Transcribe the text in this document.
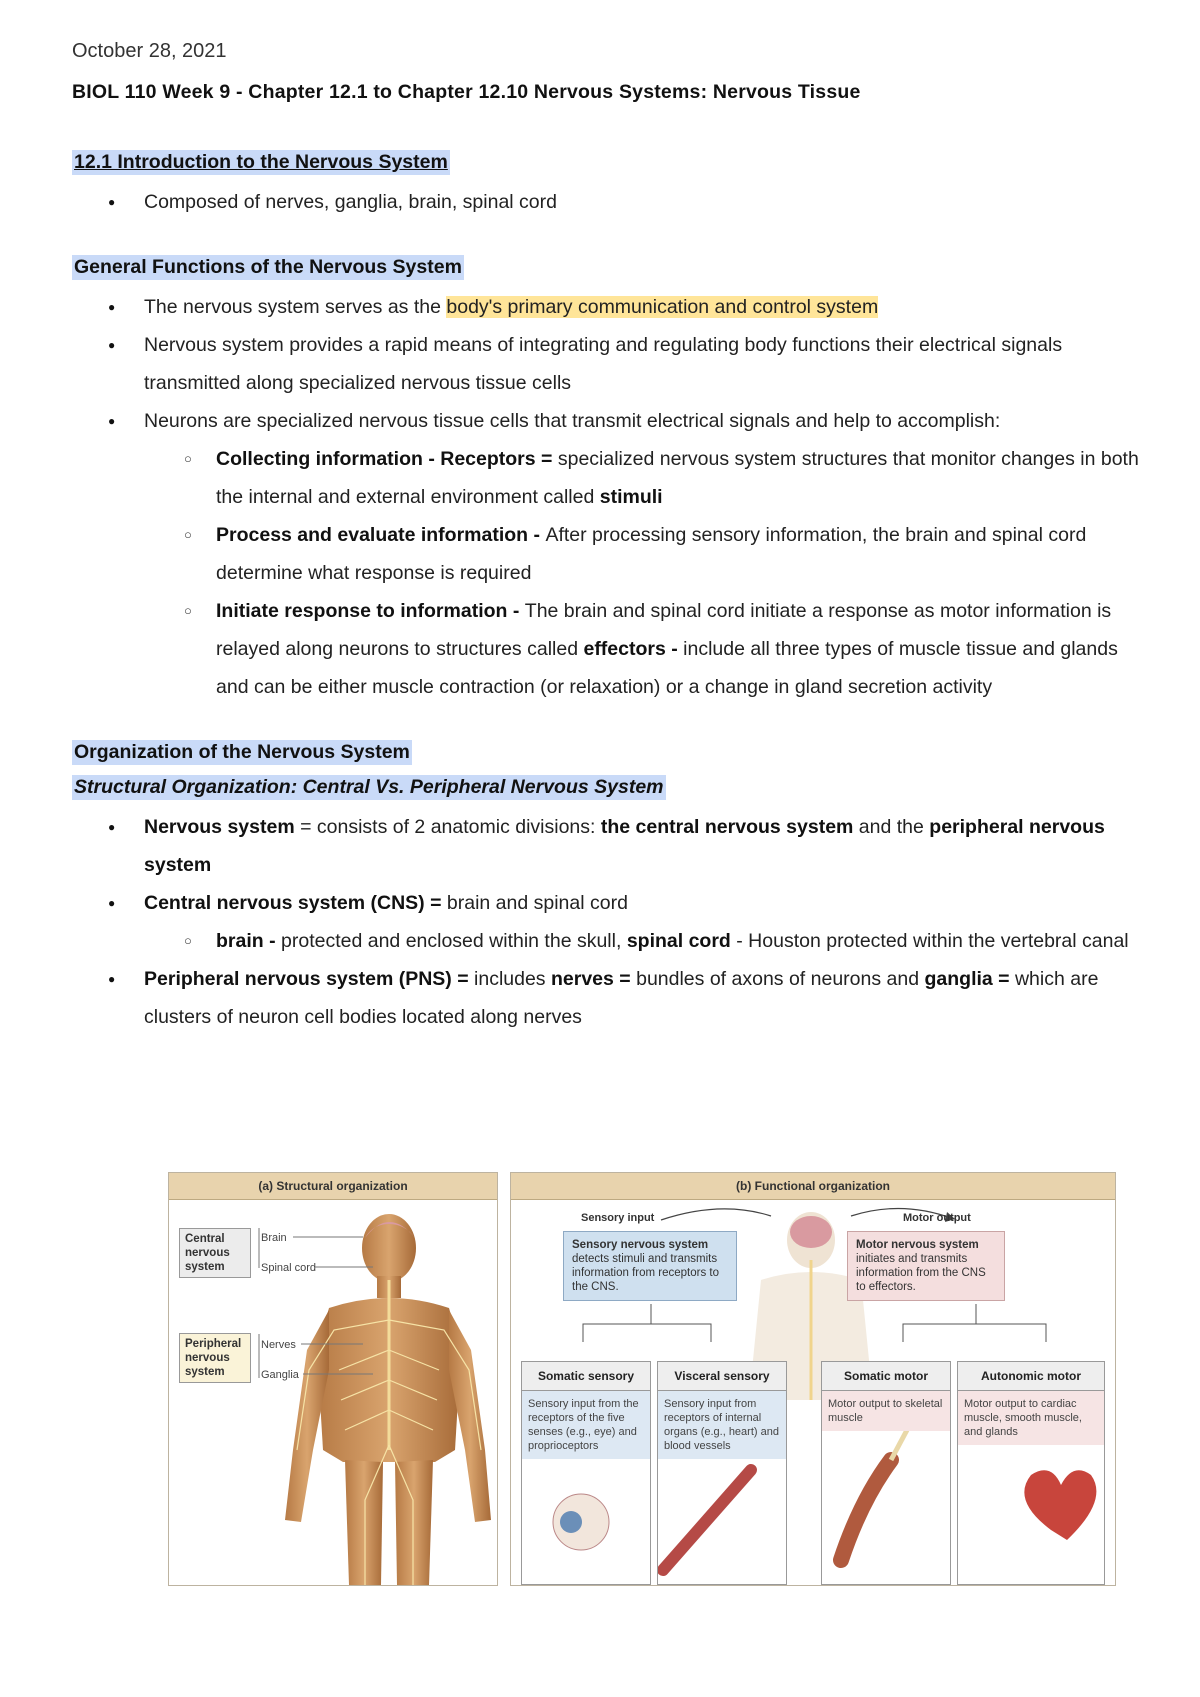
October 28, 2021
BIOL 110 Week 9 - Chapter 12.1 to Chapter 12.10 Nervous Systems: Nervous Tissue
12.1 Introduction to the Nervous System
● Composed of nerves, ganglia, brain, spinal cord
General Functions of the Nervous System
● The nervous system serves as the body's primary communication and control system
● Nervous system provides a rapid means of integrating and regulating body functions their electrical signals transmitted along specialized nervous tissue cells
● Neurons are specialized nervous tissue cells that transmit electrical signals and help to accomplish:
○ Collecting information - Receptors = specialized nervous system structures that monitor changes in both the internal and external environment called stimuli
○ Process and evaluate information - After processing sensory information, the brain and spinal cord determine what response is required
○ Initiate response to information - The brain and spinal cord initiate a response as motor information is relayed along neurons to structures called effectors - include all three types of muscle tissue and glands and can be either muscle contraction (or relaxation) or a change in gland secretion activity
Organization of the Nervous System
Structural Organization: Central Vs. Peripheral Nervous System
● Nervous system = consists of 2 anatomic divisions: the central nervous system and the peripheral nervous system
● Central nervous system (CNS) = brain and spinal cord
○ brain - protected and enclosed within the skull, spinal cord - Houston protected within the vertebral canal
● Peripheral nervous system (PNS) = includes nerves = bundles of axons of neurons and ganglia = which are clusters of neuron cell bodies located along nerves
(a) Structural organization
Central nervous system
Peripheral nervous system
Brain
Spinal cord
Nerves
Ganglia
(b) Functional organization
Sensory input	Motor output
Sensory nervous system
detects stimuli and transmits information from receptors to the CNS.
Motor nervous system
initiates and transmits information from the CNS to effectors.
Somatic sensory
Sensory input from the receptors of the five senses (e.g., eye) and proprioceptors
Visceral sensory
Sensory input from receptors of internal organs (e.g., heart) and blood vessels
Somatic motor
Motor output to skeletal muscle
Autonomic motor
Motor output to cardiac muscle, smooth muscle, and glands
